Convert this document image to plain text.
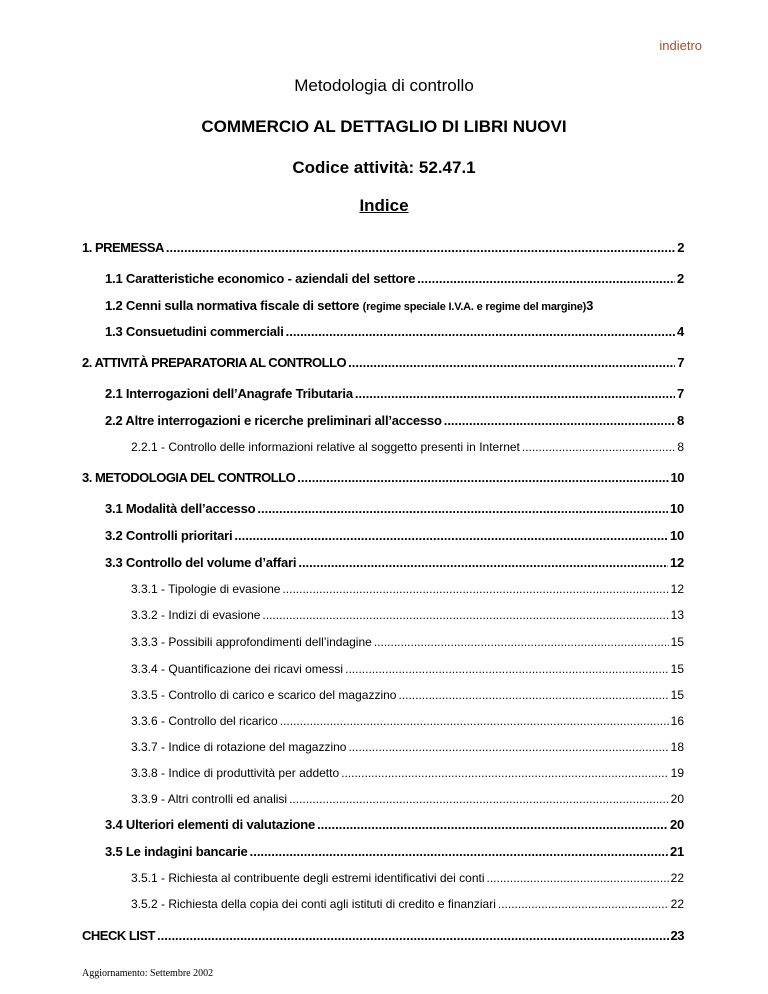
indietro
Metodologia di controllo
COMMERCIO AL DETTAGLIO DI LIBRI NUOVI
Codice attività: 52.47.1
Indice
1. PREMESSA .....	2
1.1 Caratteristiche economico - aziendali del settore .....	2
1.2 Cenni sulla normativa fiscale di settore (regime speciale I.V.A. e regime del margine) 3
1.3 Consuetudini commerciali .....	4
2. ATTIVITÀ PREPARATORIA AL CONTROLLO .....	7
2.1 Interrogazioni dell’Anagrafe Tributaria .....	7
2.2 Altre interrogazioni e ricerche preliminari all’accesso .....	8
2.2.1 - Controllo delle informazioni relative al soggetto presenti in Internet .....	8
3. METODOLOGIA DEL CONTROLLO .....	10
3.1 Modalità dell’accesso .....	10
3.2 Controlli prioritari .....	10
3.3 Controllo del volume d’affari .....	12
3.3.1 - Tipologie di evasione .....	12
3.3.2 - Indizi di evasione .....	13
3.3.3 - Possibili approfondimenti dell’indagine .....	15
3.3.4 - Quantificazione dei ricavi omessi .....	15
3.3.5 - Controllo di carico e scarico del magazzino .....	15
3.3.6 - Controllo del ricarico .....	16
3.3.7 - Indice di rotazione del magazzino .....	18
3.3.8 - Indice di produttività per addetto .....	19
3.3.9 - Altri controlli ed analisi .....	20
3.4 Ulteriori elementi di valutazione .....	20
3.5 Le indagini bancarie .....	21
3.5.1 - Richiesta al contribuente degli estremi identificativi dei conti .....	22
3.5.2 - Richiesta della copia dei conti agli istituti di credito e finanziari .....	22
CHECK LIST .....	23
Aggiornamento: Settembre 2002
